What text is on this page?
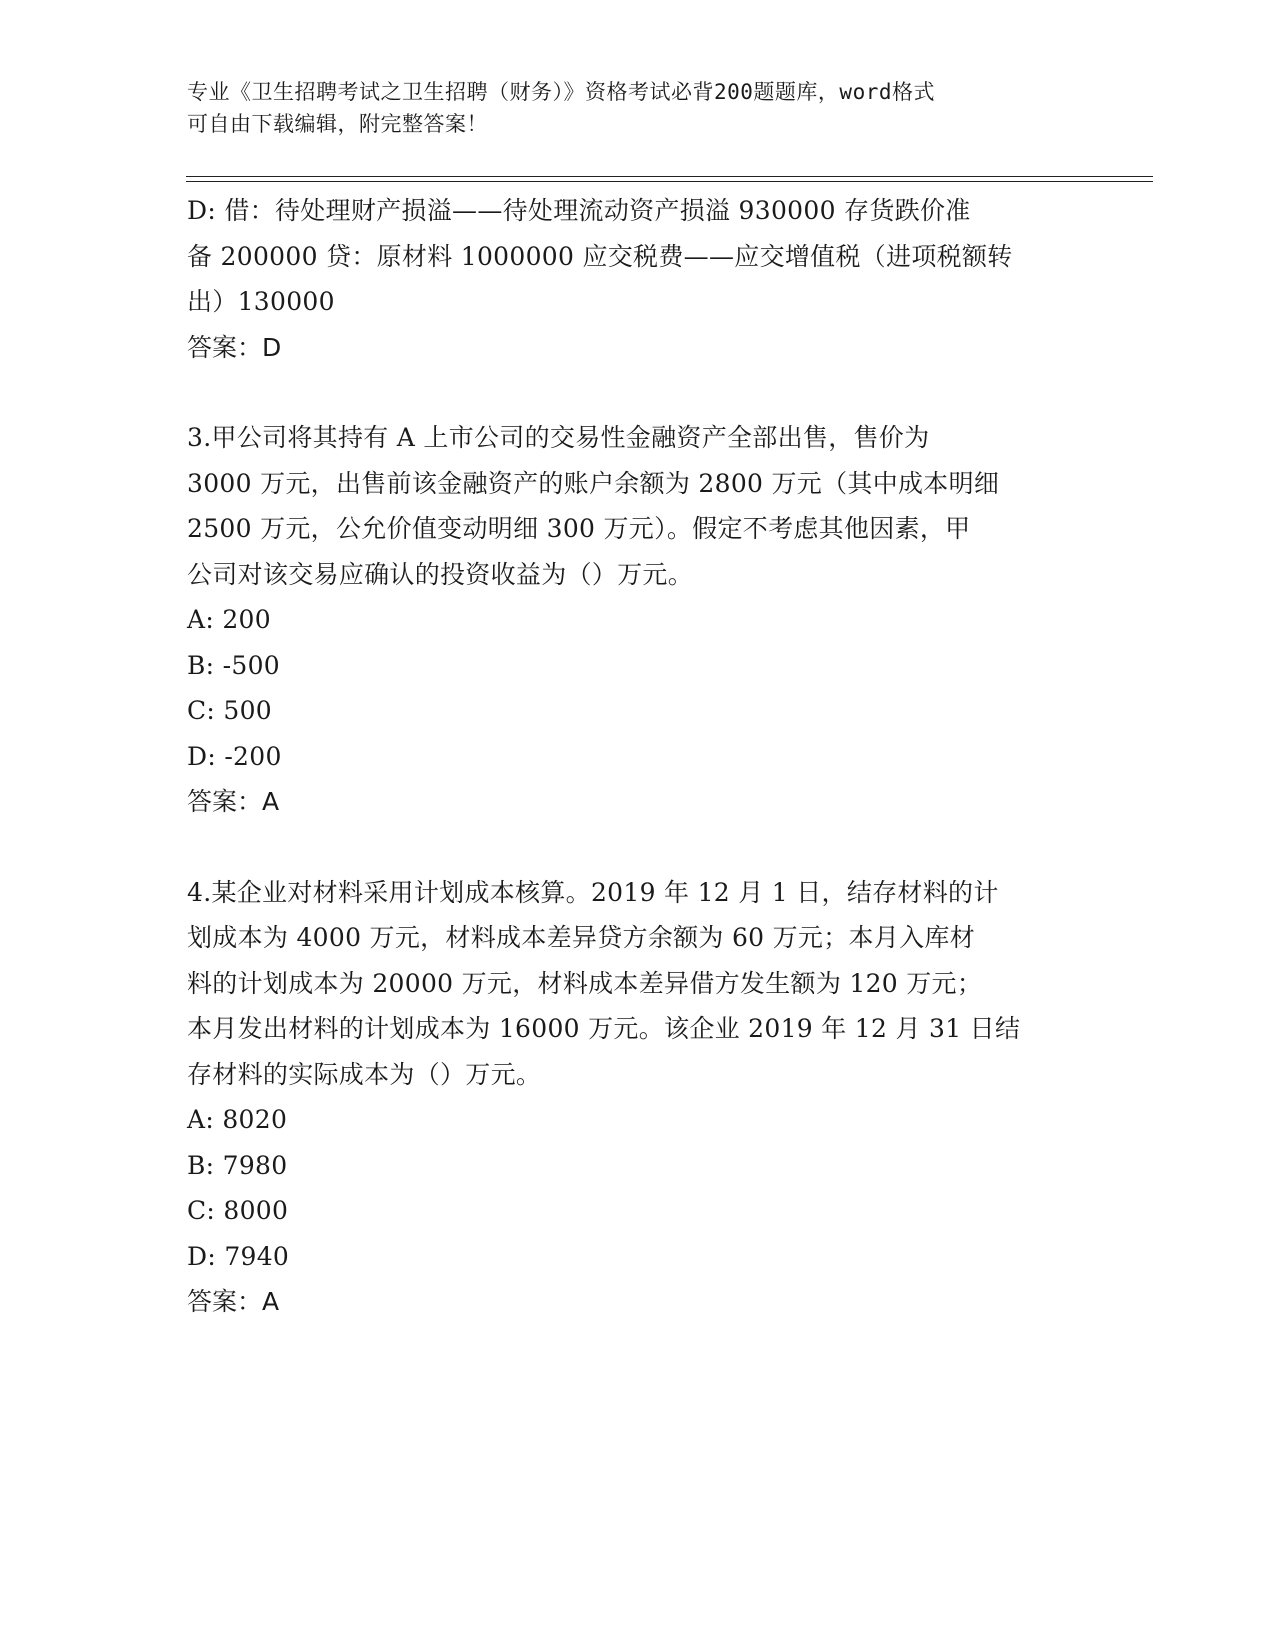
专业《卫生招聘考试之卫生招聘（财务）》资格考试必背200题题库，word格式
可自由下载编辑，附完整答案！
D: 借：待处理财产损溢——待处理流动资产损溢 930000 存货跌价准
备 200000 贷：原材料 1000000 应交税费——应交增值税（进项税额转
出）130000
答案：D
3.甲公司将其持有 A 上市公司的交易性金融资产全部出售，售价为
3000 万元，出售前该金融资产的账户余额为 2800 万元（其中成本明细
2500 万元，公允价值变动明细 300 万元）。假定不考虑其他因素，甲
公司对该交易应确认的投资收益为（）万元。
A: 200
B: -500
C: 500
D: -200
答案：A
4.某企业对材料采用计划成本核算。2019 年 12 月 1 日，结存材料的计
划成本为 4000 万元，材料成本差异贷方余额为 60 万元；本月入库材
料的计划成本为 20000 万元，材料成本差异借方发生额为 120 万元；
本月发出材料的计划成本为 16000 万元。该企业 2019 年 12 月 31 日结
存材料的实际成本为（）万元。
A: 8020
B: 7980
C: 8000
D: 7940
答案：A
